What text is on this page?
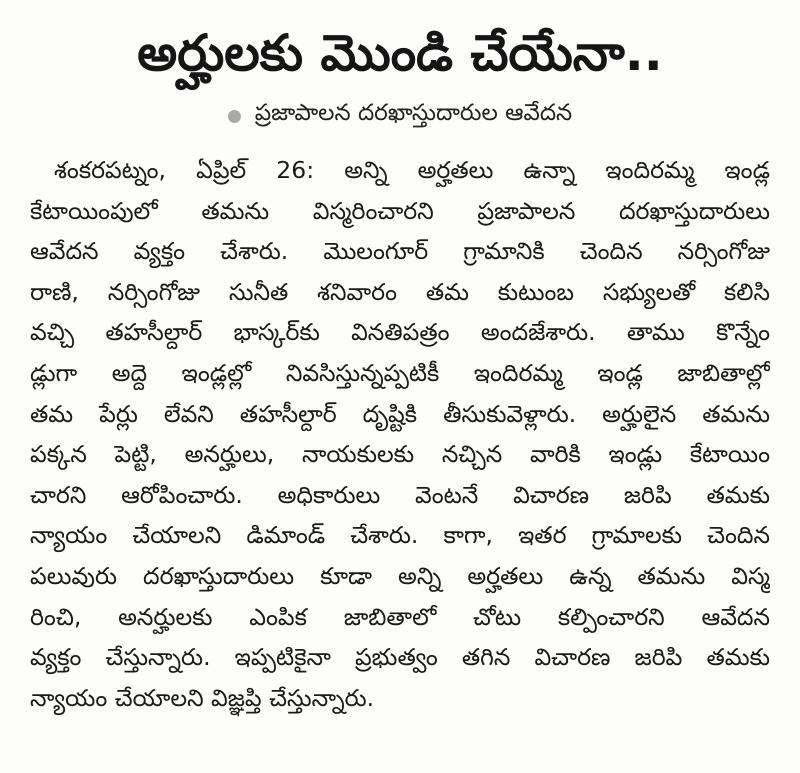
అర్హులకు మొండి చేయేనా..
ప్రజాపాలన దరఖాస్తుదారుల ఆవేదన
శంకరపట్నం, ఏప్రిల్ 26: అన్ని అర్హతలు ఉన్నా ఇందిరమ్మ ఇండ్ల
కేటాయింపులో తమను విస్మరించారని ప్రజాపాలన దరఖాస్తుదారులు
ఆవేదన వ్యక్తం చేశారు. మొలంగూర్ గ్రామానికి చెందిన నర్సింగోజు
రాణి, నర్సింగోజు సునీత శనివారం తమ కుటుంబ సభ్యులతో కలిసి
వచ్చి తహసీల్దార్ భాస్కర్‌కు వినతిపత్రం అందజేశారు. తాము కొన్నేం
డ్లుగా అద్దె ఇండ్లల్లో నివసిస్తున్నప్పటికీ ఇందిరమ్మ ఇండ్ల జాబితాల్లో
తమ పేర్లు లేవని తహసీల్దార్ దృష్టికి తీసుకువెళ్లారు. అర్హులైన తమను
పక్కన పెట్టి, అనర్హులు, నాయకులకు నచ్చిన వారికి ఇండ్లు కేటాయిం
చారని ఆరోపించారు. అధికారులు వెంటనే విచారణ జరిపి తమకు
న్యాయం చేయాలని డిమాండ్ చేశారు. కాగా, ఇతర గ్రామాలకు చెందిన
పలువురు దరఖాస్తుదారులు కూడా అన్ని అర్హతలు ఉన్న తమను విస్మ
రించి, అనర్హులకు ఎంపిక జాబితాలో చోటు కల్పించారని ఆవేదన
వ్యక్తం చేస్తున్నారు. ఇప్పటికైనా ప్రభుత్వం తగిన విచారణ జరిపి తమకు
న్యాయం చేయాలని విజ్ఞప్తి చేస్తున్నారు.
